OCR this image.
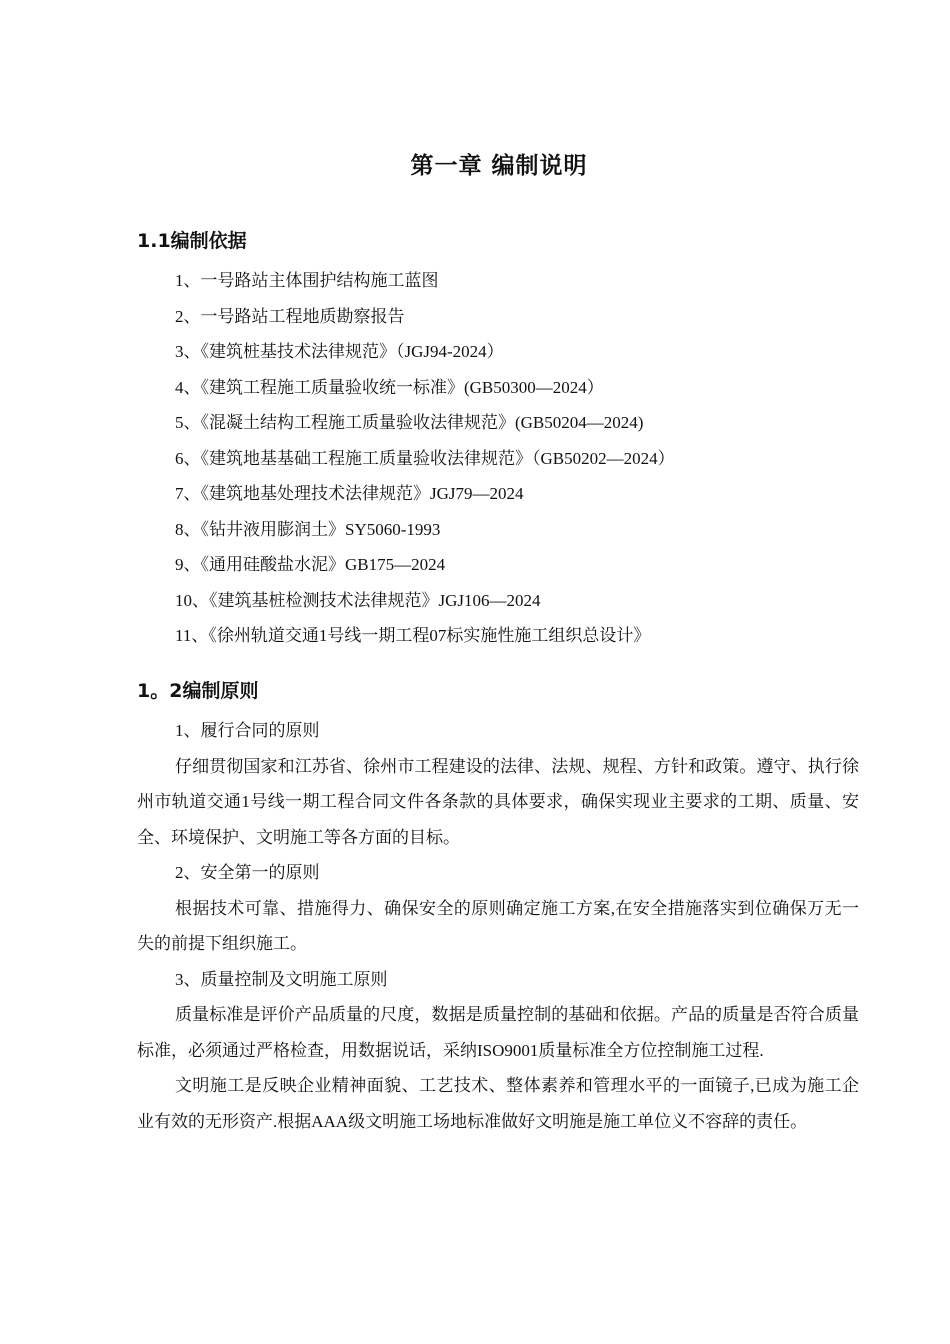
第一章 编制说明
1.1编制依据
1、一号路站主体围护结构施工蓝图
2、一号路站工程地质勘察报告
3、《建筑桩基技术法律规范》（JGJ94-2024）
4、《建筑工程施工质量验收统一标准》(GB50300—2024）
5、《混凝土结构工程施工质量验收法律规范》(GB50204—2024)
6、《建筑地基基础工程施工质量验收法律规范》（GB50202—2024）
7、《建筑地基处理技术法律规范》JGJ79—2024
8、《钻井液用膨润土》SY5060-1993
9、《通用硅酸盐水泥》GB175—2024
10、《建筑基桩检测技术法律规范》JGJ106—2024
11、《徐州轨道交通1号线一期工程07标实施性施工组织总设计》
1。2编制原则
1、履行合同的原则

仔细贯彻国家和江苏省、徐州市工程建设的法律、法规、规程、方针和政策。遵守、执行徐州市轨道交通1号线一期工程合同文件各条款的具体要求，确保实现业主要求的工期、质量、安全、环境保护、文明施工等各方面的目标。

2、安全第一的原则

根据技术可靠、措施得力、确保安全的原则确定施工方案,在安全措施落实到位确保万无一失的前提下组织施工。

3、质量控制及文明施工原则

质量标准是评价产品质量的尺度，数据是质量控制的基础和依据。产品的质量是否符合质量标准，必须通过严格检查，用数据说话，采纳ISO9001质量标准全方位控制施工过程.

文明施工是反映企业精神面貌、工艺技术、整体素养和管理水平的一面镜子,已成为施工企业有效的无形资产.根据AAA级文明施工场地标准做好文明施是施工单位义不容辞的责任。
